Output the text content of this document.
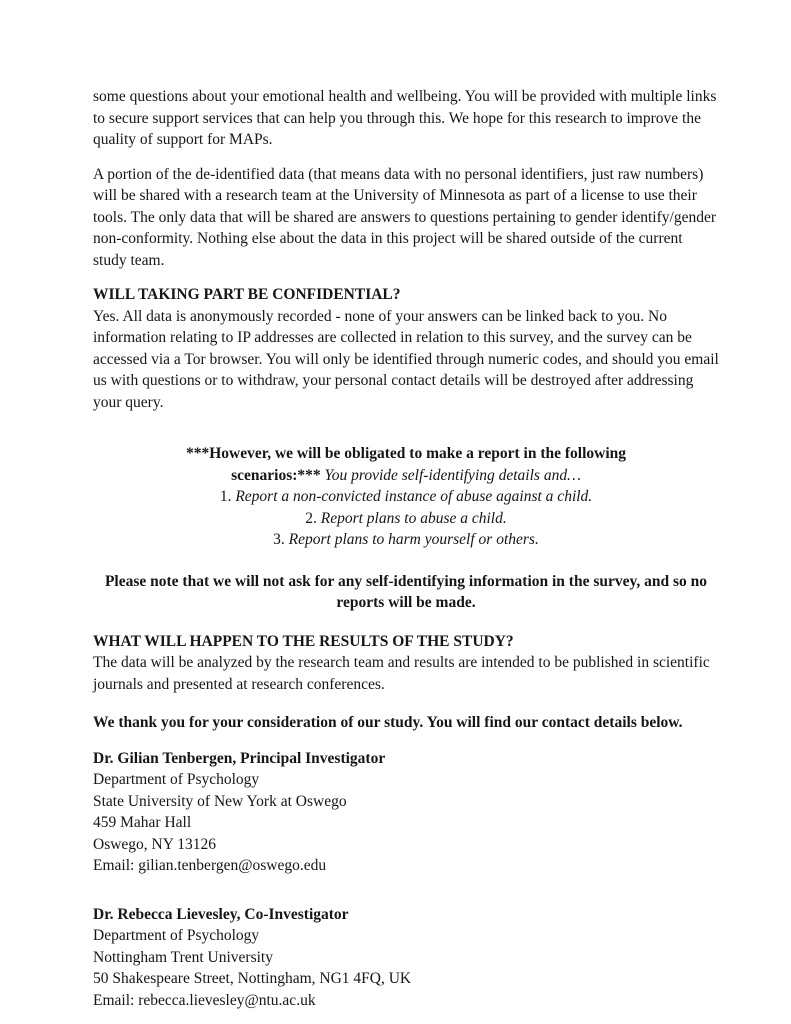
some questions about your emotional health and wellbeing. You will be provided with multiple links to secure support services that can help you through this. We hope for this research to improve the quality of support for MAPs.

A portion of the de-identified data (that means data with no personal identifiers, just raw numbers) will be shared with a research team at the University of Minnesota as part of a license to use their tools. The only data that will be shared are answers to questions pertaining to gender identify/gender non-conformity. Nothing else about the data in this project will be shared outside of the current study team.

WILL TAKING PART BE CONFIDENTIAL?

Yes. All data is anonymously recorded - none of your answers can be linked back to you. No information relating to IP addresses are collected in relation to this survey, and the survey can be accessed via a Tor browser. You will only be identified through numeric codes, and should you email us with questions or to withdraw, your personal contact details will be destroyed after addressing your query.

***However, we will be obligated to make a report in the following scenarios:*** You provide self-identifying details and…

1. Report a non-convicted instance of abuse against a child.
2. Report plans to abuse a child.
3. Report plans to harm yourself or others.

Please note that we will not ask for any self-identifying information in the survey, and so no reports will be made.

WHAT WILL HAPPEN TO THE RESULTS OF THE STUDY?

The data will be analyzed by the research team and results are intended to be published in scientific journals and presented at research conferences.

We thank you for your consideration of our study. You will find our contact details below.

Dr. Gilian Tenbergen, Principal Investigator

Department of Psychology

State University of New York at Oswego

459 Mahar Hall

Oswego, NY 13126

Email: gilian.tenbergen@oswego.edu

Dr. Rebecca Lievesley, Co-Investigator

Department of Psychology

Nottingham Trent University

50 Shakespeare Street, Nottingham, NG1 4FQ, UK

Email: rebecca.lievesley@ntu.ac.uk
